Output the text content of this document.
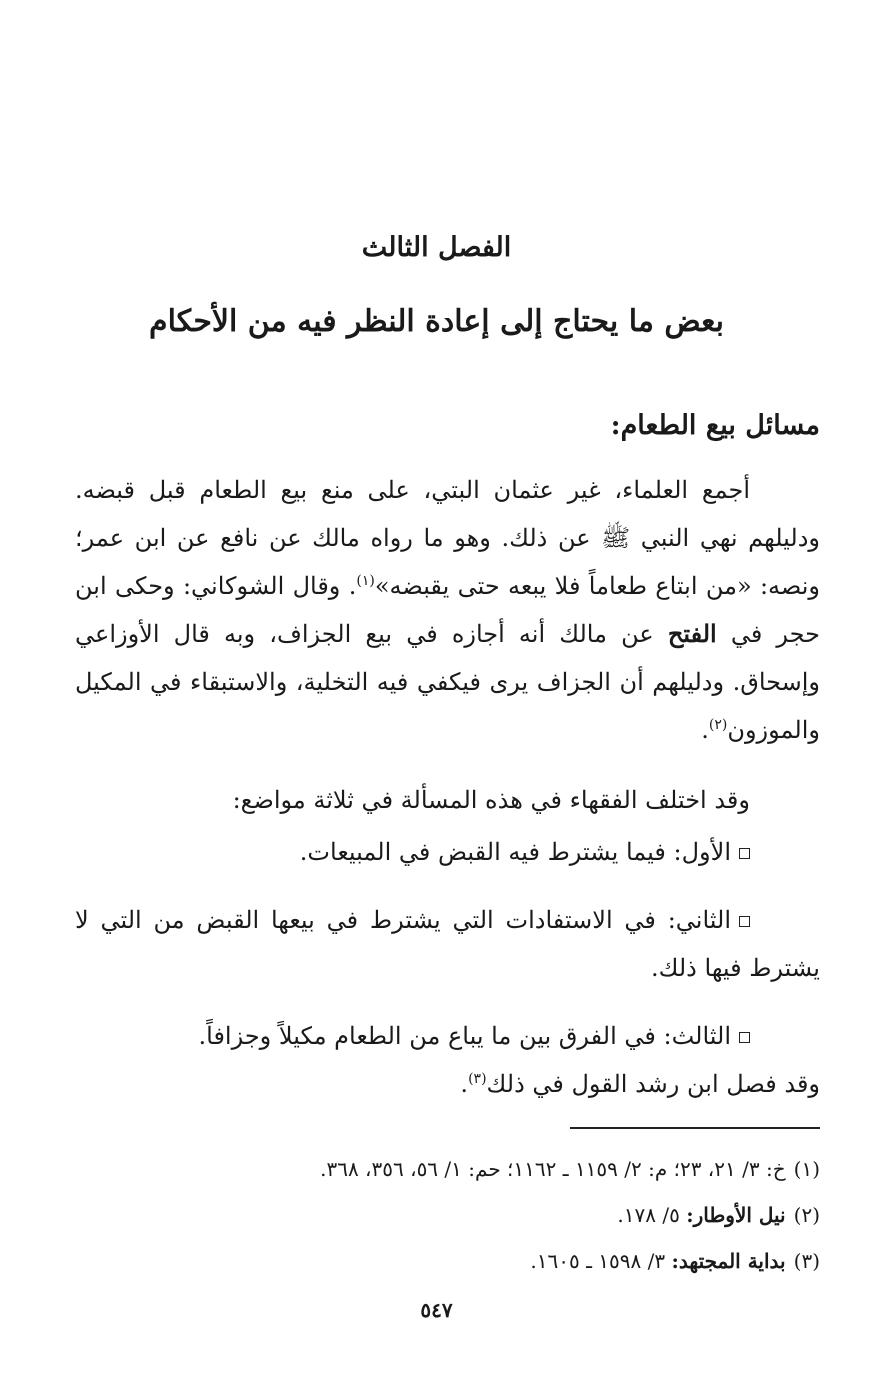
الفصل الثالث
بعض ما يحتاج إلى إعادة النظر فيه من الأحكام
مسائل بيع الطعام:
أجمع العلماء، غير عثمان البتي، على منع بيع الطعام قبل قبضه. ودليلهم نهي النبي ﷺ عن ذلك. وهو ما رواه مالك عن نافع عن ابن عمر؛ ونصه: «من ابتاع طعاماً فلا يبعه حتى يقبضه»$^{(١)}$. وقال الشوكاني: وحكى ابن حجر في الفتح عن مالك أنه أجازه في بيع الجزاف، وبه قال الأوزاعي وإسحاق. ودليلهم أن الجزاف يرى فيكفي فيه التخلية، والاستبقاء في المكيل والموزون$^{(٢)}$.
وقد اختلف الفقهاء في هذه المسألة في ثلاثة مواضع:
الأول: فيما يشترط فيه القبض في المبيعات.
الثاني: في الاستفادات التي يشترط في بيعها القبض من التي لا يشترط فيها ذلك.
الثالث: في الفرق بين ما يباع من الطعام مكيلاً وجزافاً.
وقد فصل ابن رشد القول في ذلك$^{(٣)}$.
(١)خ: ٣/ ٢١، ٢٣؛ م: ٢/ ١١٥٩ ـ ١١٦٢؛ حم: ١/ ٥٦، ٣٥٦، ٣٦٨.
(٢)نيل الأوطار: ٥/ ١٧٨.
(٣)بداية المجتهد: ٣/ ١٥٩٨ ـ ١٦٠٥.
٥٤٧
